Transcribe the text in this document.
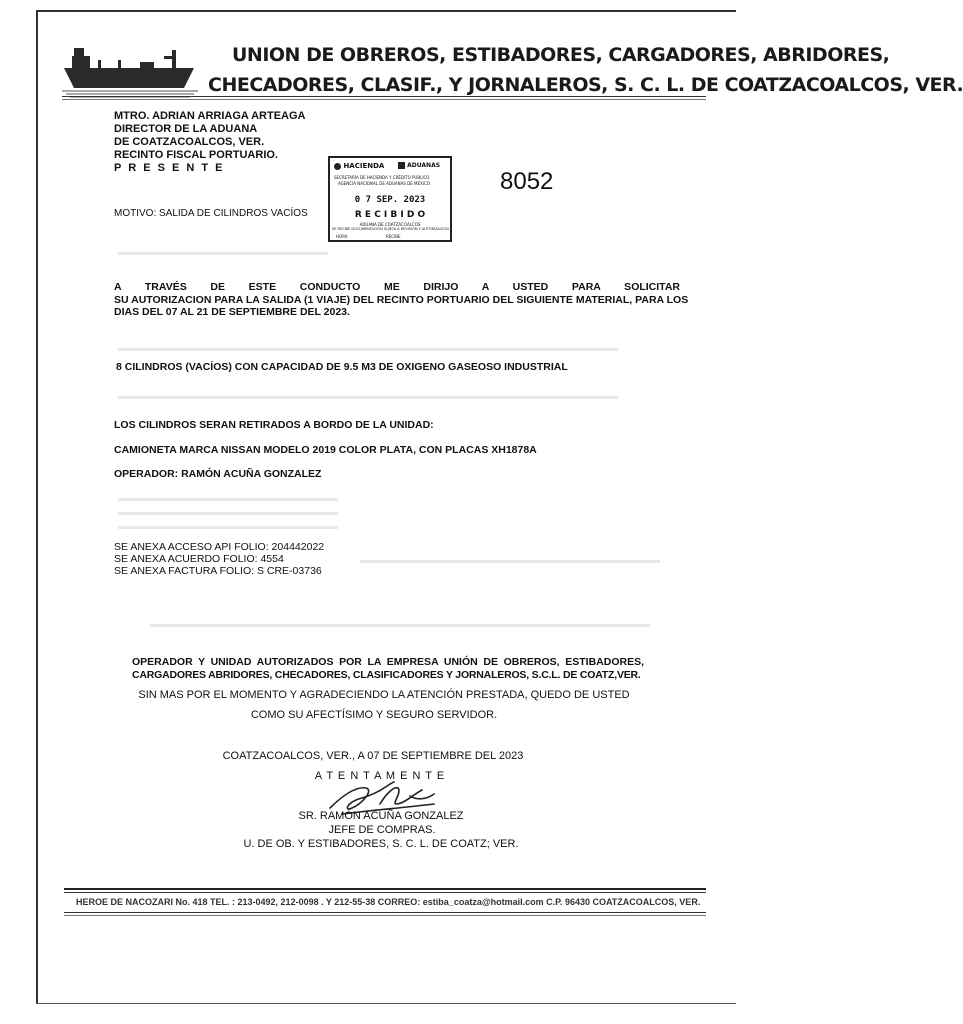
UNION DE OBREROS, ESTIBADORES, CARGADORES, ABRIDORES,
CHECADORES, CLASIF., Y JORNALEROS, S. C. L. DE COATZACOALCOS, VER.
MTRO. ADRIAN ARRIAGA ARTEAGA
DIRECTOR DE LA ADUANA
DE COATZACOALCOS, VER.
RECINTO FISCAL PORTUARIO.
P R E S E N T E
MOTIVO: SALIDA DE CILINDROS VACÍOS
HACIENDA	ADUANAS
SECRETARÍA DE HACIENDA Y CRÉDITO PÚBLICO
AGENCIA NACIONAL DE ADUANAS DE MÉXICO
0 7 SEP. 2023
R E C I B I D O
ADUANA DE COATZACOALCOS
SE RECIBE DOCUMENTACIÓN SUJETA A REVISIÓN Y AUTORIZACIÓN
HORA	RECIBE
8052
A TRAVÉS DE ESTE CONDUCTO ME DIRIJO A USTED PARA SOLICITAR
SU AUTORIZACION PARA LA SALIDA (1 VIAJE) DEL RECINTO PORTUARIO DEL SIGUIENTE MATERIAL, PARA LOS
DIAS DEL 07 AL 21 DE SEPTIEMBRE DEL 2023.
8 CILINDROS (VACÍOS) CON CAPACIDAD DE 9.5 M3 DE OXIGENO GASEOSO INDUSTRIAL
LOS CILINDROS SERAN RETIRADOS A BORDO DE LA UNIDAD:
CAMIONETA MARCA NISSAN MODELO 2019 COLOR PLATA, CON PLACAS XH1878A
OPERADOR: RAMÓN ACUÑA GONZALEZ
SE ANEXA ACCESO API FOLIO: 204442022
SE ANEXA ACUERDO FOLIO: 4554
SE ANEXA FACTURA FOLIO: S CRE-03736
OPERADOR Y UNIDAD AUTORIZADOS POR LA EMPRESA UNIÓN DE OBREROS, ESTIBADORES,
CARGADORES ABRIDORES, CHECADORES, CLASIFICADORES Y JORNALEROS, S.C.L. DE COATZ,VER.
SIN MAS POR EL MOMENTO Y AGRADECIENDO LA ATENCIÓN PRESTADA, QUEDO DE USTED
COMO SU AFECTÍSIMO Y SEGURO SERVIDOR.
COATZACOALCOS, VER., A 07 DE SEPTIEMBRE DEL 2023
A T E N T A M E N T E
SR. RAMÓN ACUÑA GONZALEZ
JEFE DE COMPRAS.
U. DE OB. Y ESTIBADORES, S. C. L. DE COATZ; VER.
HEROE DE NACOZARI No. 418 TEL. : 213-0492, 212-0098 . Y 212-55-38 CORREO: estiba_coatza@hotmail.com C.P. 96430 COATZACOALCOS, VER.
